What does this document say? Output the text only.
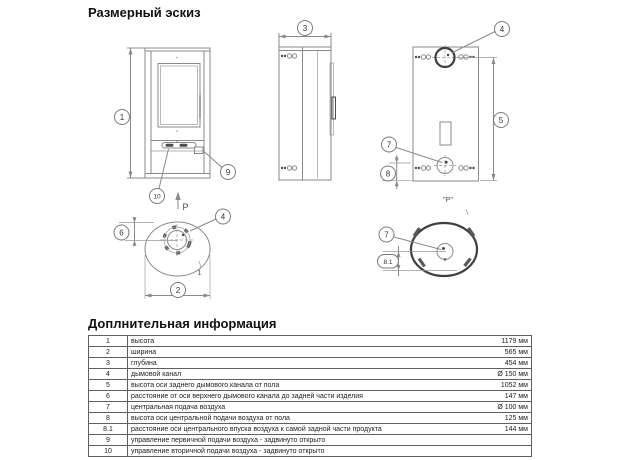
Размерный эскиз
1
9
10
P
3	4
5
7
8
"Р"
4
6
2
1
7
8.1
Доплнительная информация
1	высота	1179 мм
2	ширина	565 мм
3	глубина	454 мм
4	дымовой канал	Ø 150 мм
5	высота оси заднего дымового канала от пола	1052 мм
6	расстояние от оси верхнего дымового канала до задней части изделия	147 мм
7	центральная подача воздуха	Ø 100 мм
8	высота оси центральной подачи воздуха от пола	125 мм
8.1	расстояние оси центрального впуска воздуха к самой задной части продукта	144 мм
9	управление первичной подачи воздуха - задвинуто открыто	
10	управление вторичной подачи воздуха - задвинуто открыто	
